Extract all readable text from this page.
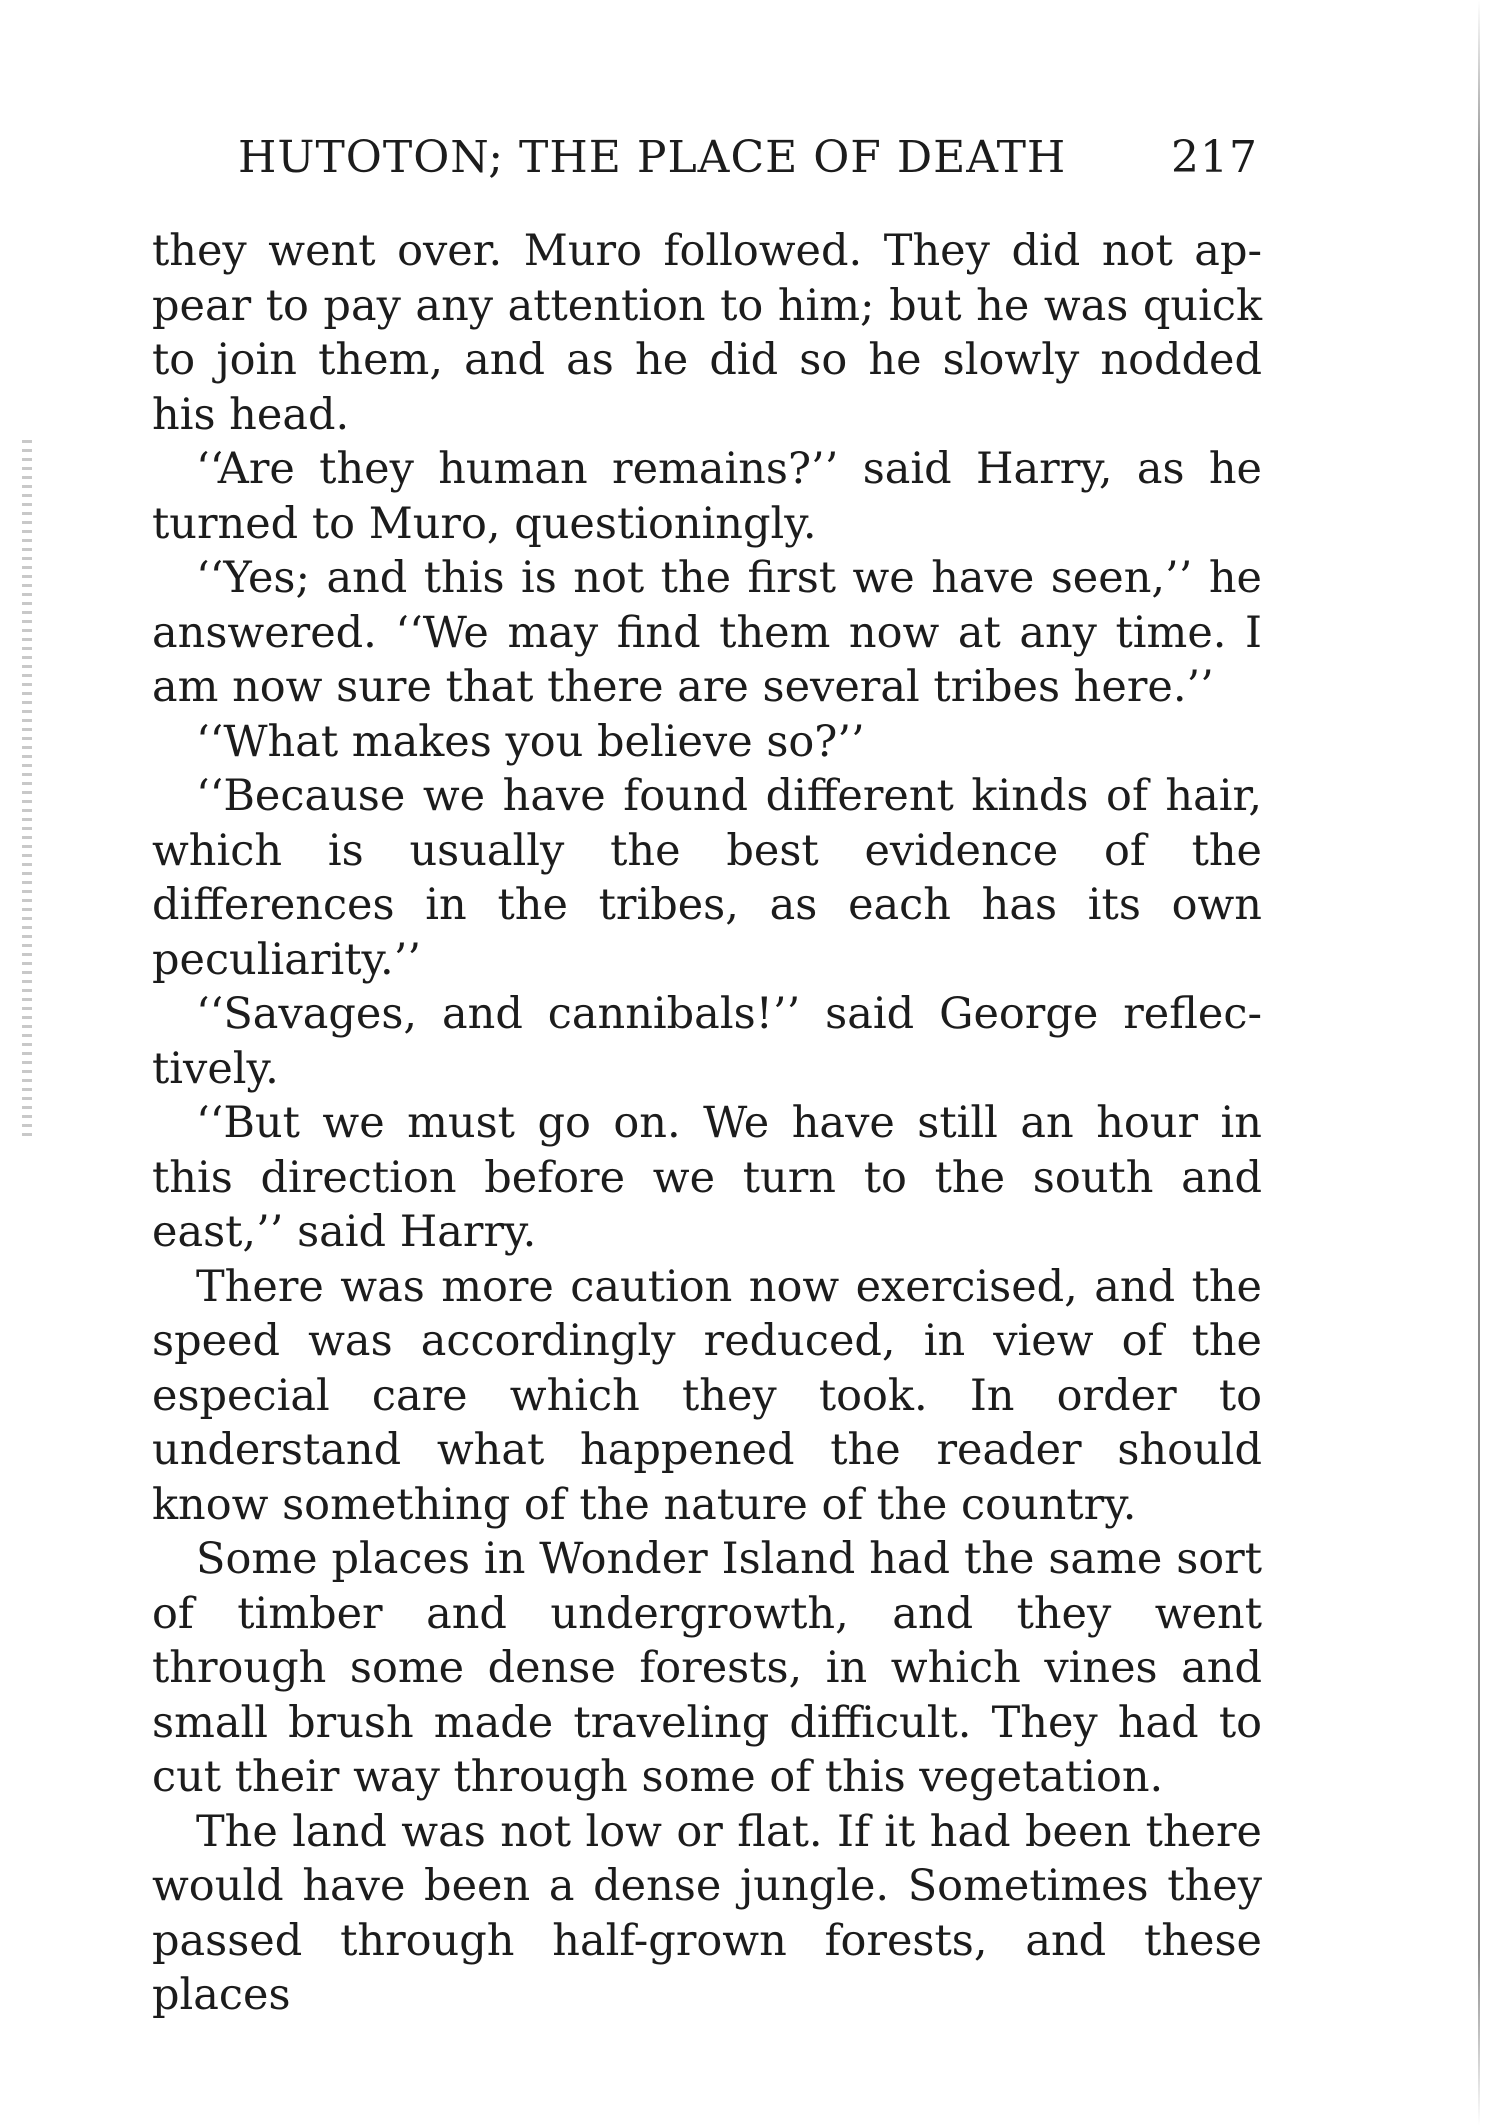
HUTOTON; THE PLACE OF DEATH 217

they went over. Muro followed. They did not appear to pay any attention to him; but he was quick to join them, and as he did so he slowly nodded his head.

‘‘Are they human remains?’’ said Harry, as he turned to Muro, questioningly.

‘‘Yes; and this is not the first we have seen,’’ he answered. ‘‘We may find them now at any time. I am now sure that there are several tribes here.’’

‘‘What makes you believe so?’’

‘‘Because we have found different kinds of hair, which is usually the best evidence of the differences in the tribes, as each has its own peculiarity.’’

‘‘Savages, and cannibals!’’ said George reflectively.

‘‘But we must go on. We have still an hour in this direction before we turn to the south and east,’’ said Harry.

There was more caution now exercised, and the speed was accordingly reduced, in view of the especial care which they took. In order to understand what happened the reader should know something of the nature of the country.

Some places in Wonder Island had the same sort of timber and undergrowth, and they went through some dense forests, in which vines and small brush made traveling difficult. They had to cut their way through some of this vegetation.

The land was not low or flat. If it had been there would have been a dense jungle. Sometimes they passed through half-grown forests, and these places
